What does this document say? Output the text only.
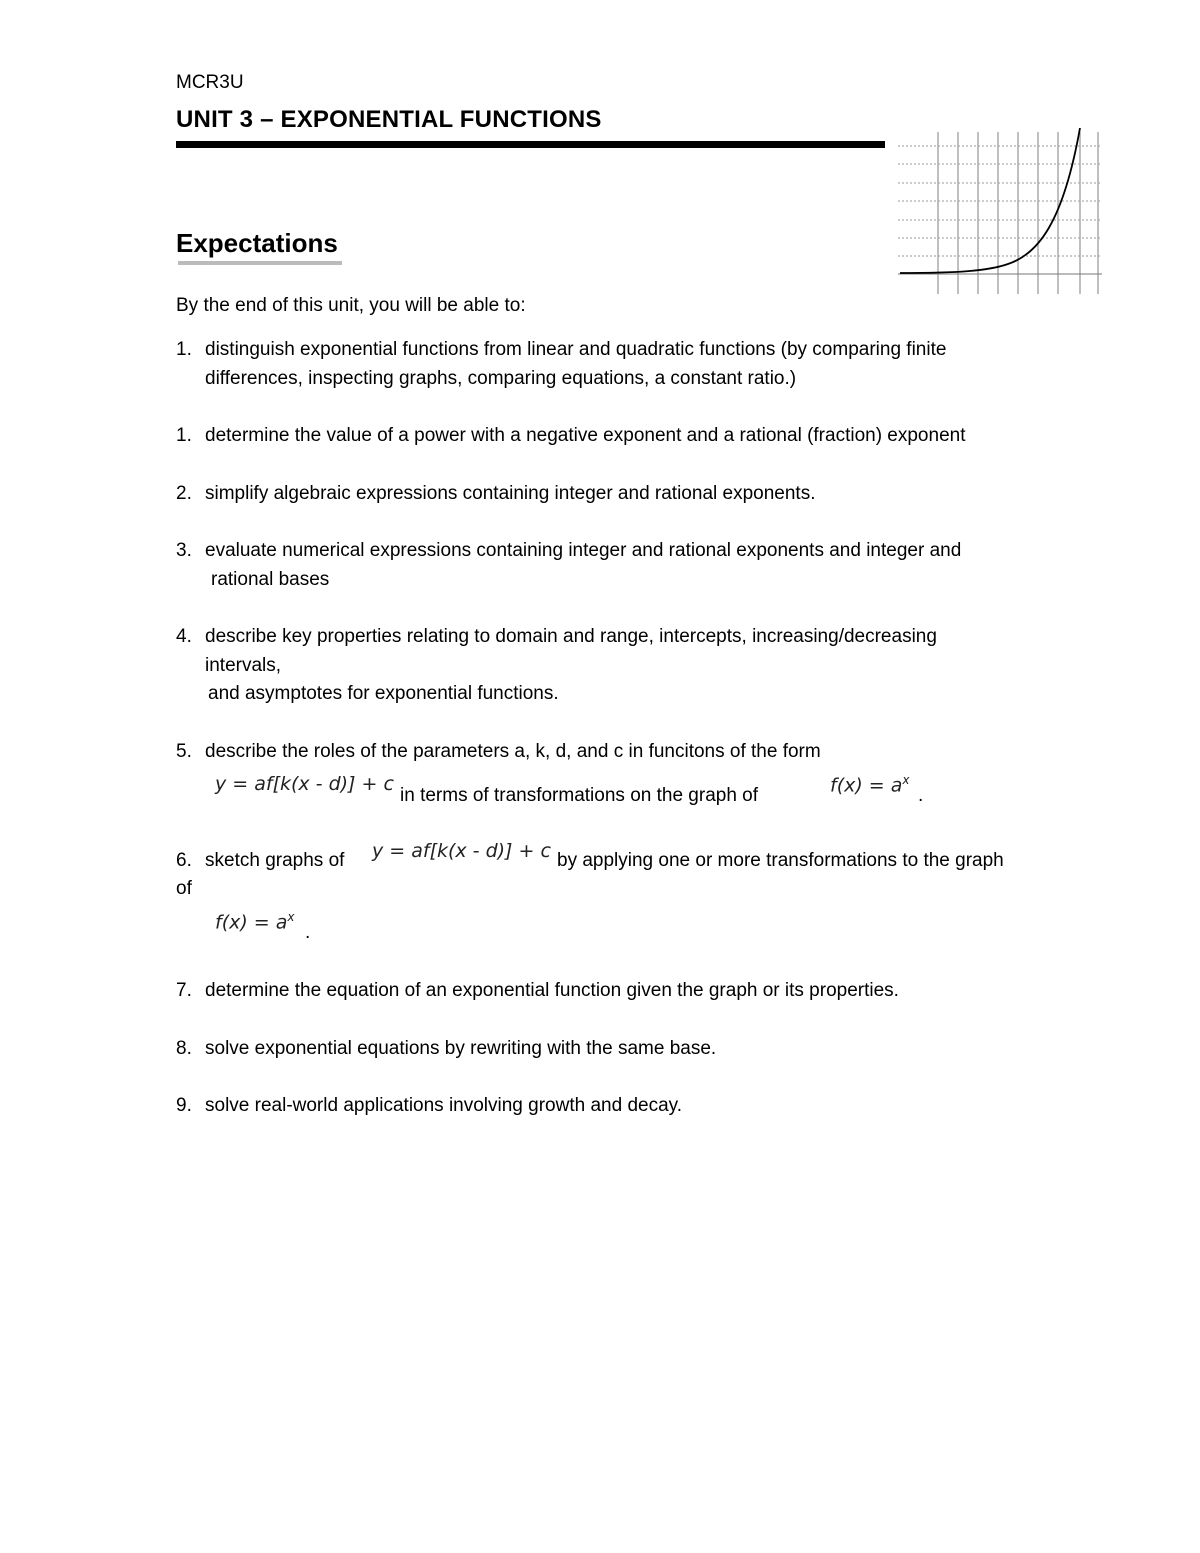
MCR3U
UNIT 3 – EXPONENTIAL FUNCTIONS
Expectations
By the end of this unit, you will be able to:
1. distinguish exponential functions from linear and quadratic functions (by comparing finite
differences, inspecting graphs, comparing equations, a constant ratio.)
1. determine the value of a power with a negative exponent and a rational (fraction) exponent
2. simplify algebraic expressions containing integer and rational exponents.
3. evaluate numerical expressions containing integer and rational exponents and integer and
rational bases
4. describe key properties relating to domain and range, intercepts, increasing/decreasing
intervals,
and asymptotes for exponential functions.
5. describe the roles of the parameters a, k, d, and c in funcitons of the form
y = af[k(x - d)] + c
in terms of transformations on the graph of	$f(x) = a^x$
.
y = af[k(x - d)] + c
6. sketch graphs of	by applying one or more transformations to the graph
of
$f(x) = a^x$
.
7. determine the equation of an exponential function given the graph or its properties.
8. solve exponential equations by rewriting with the same base.
9. solve real-world applications involving growth and decay.
